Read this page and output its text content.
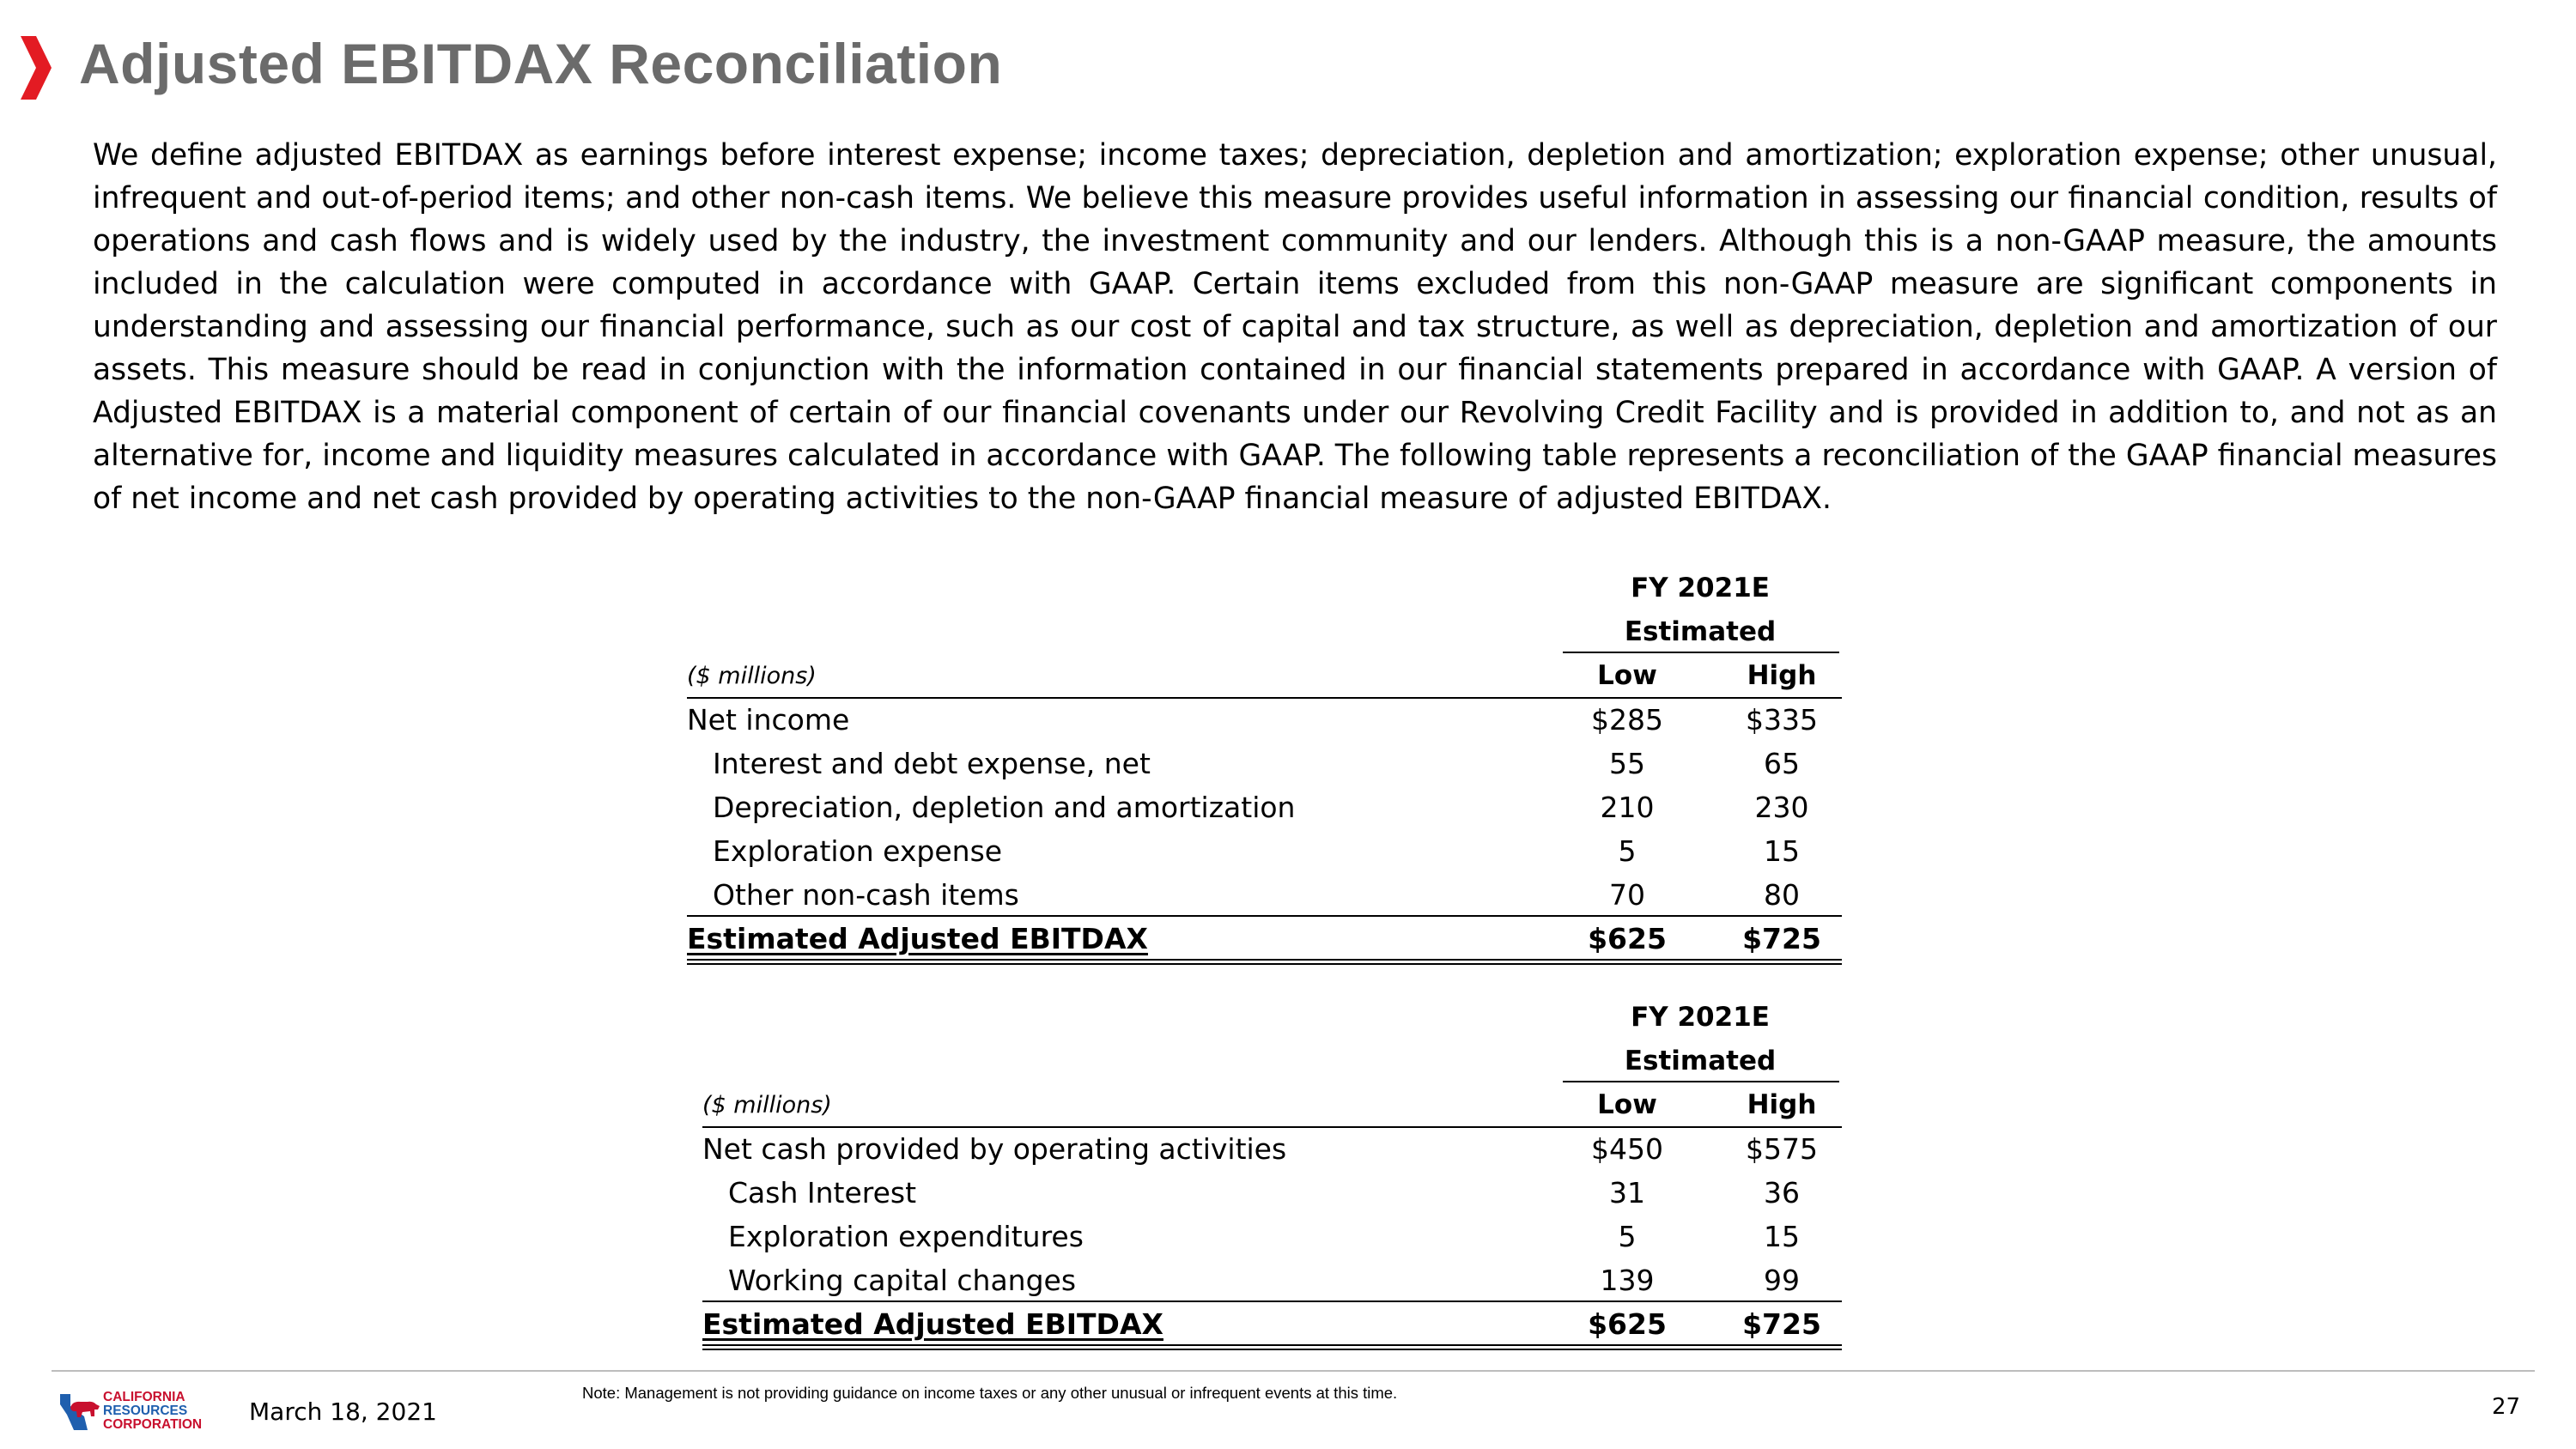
Adjusted EBITDAX Reconciliation

We define adjusted EBITDAX as earnings before interest expense; income taxes; depreciation, depletion and amortization; exploration expense; other unusual, infrequent and out-of-period items; and other non-cash items. We believe this measure provides useful information in assessing our financial condition, results of operations and cash flows and is widely used by the industry, the investment community and our lenders. Although this is a non-GAAP measure, the amounts included in the calculation were computed in accordance with GAAP. Certain items excluded from this non-GAAP measure are significant components in understanding and assessing our financial performance, such as our cost of capital and tax structure, as well as depreciation, depletion and amortization of our assets. This measure should be read in conjunction with the information contained in our financial statements prepared in accordance with GAAP. A version of Adjusted EBITDAX is a material component of certain of our financial covenants under our Revolving Credit Facility and is provided in addition to, and not as an alternative for, income and liquidity measures calculated in accordance with GAAP. The following table represents a reconciliation of the GAAP financial measures of net income and net cash provided by operating activities to the non-GAAP financial measure of adjusted EBITDAX.

FY 2021E
Estimated
($ millions)	Low	High
Net income	$285	$335
Interest and debt expense, net	55	65
Depreciation, depletion and amortization	210	230
Exploration expense	5	15
Other non-cash items	70	80
Estimated Adjusted EBITDAX	$625	$725
FY 2021E
Estimated
($ millions)	Low	High
Net cash provided by operating activities	$450	$575
Cash Interest	31	36
Exploration expenditures	5	15
Working capital changes	139	99
Estimated Adjusted EBITDAX	$625	$725
CALIFORNIA
RESOURCES
CORPORATION March 18, 2021
Note: Management is not providing guidance on income taxes or any other unusual or infrequent events at this time.
27
